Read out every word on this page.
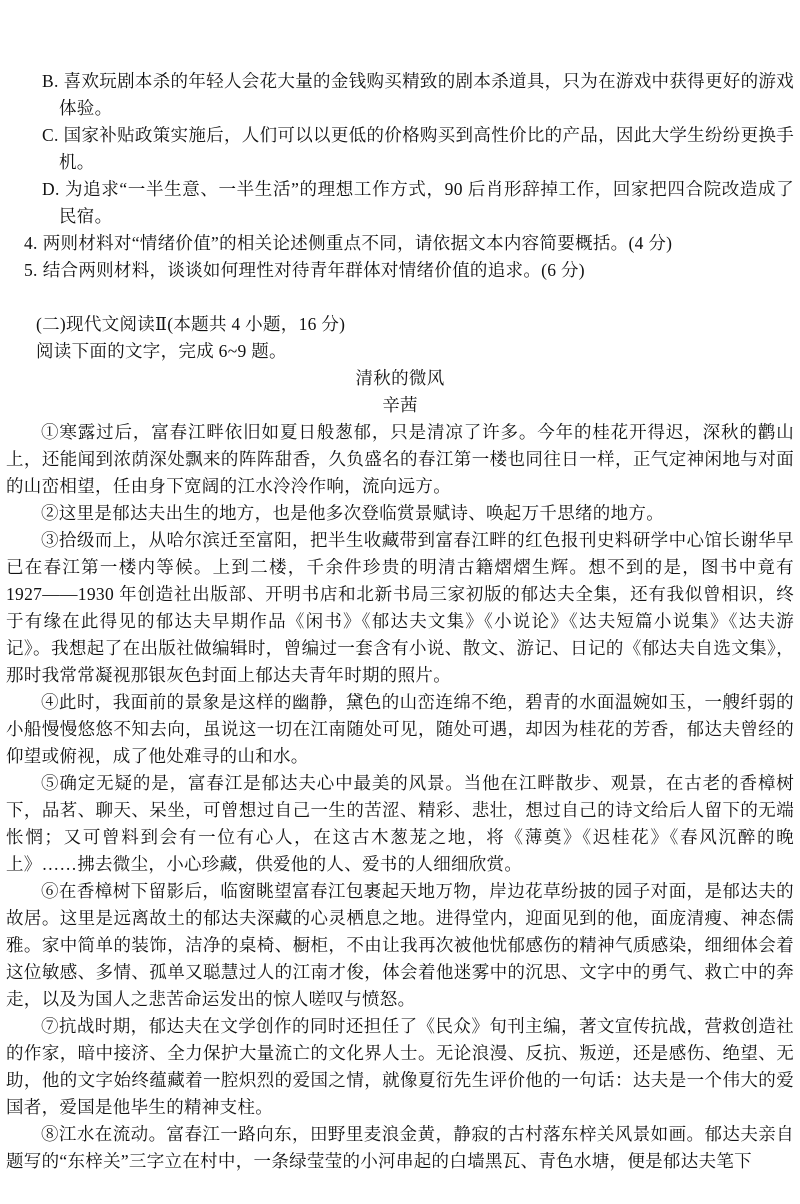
B. 喜欢玩剧本杀的年轻人会花大量的金钱购买精致的剧本杀道具，只为在游戏中获得更好的游戏体验。
C. 国家补贴政策实施后，人们可以以更低的价格购买到高性价比的产品，因此大学生纷纷更换手机。
D. 为追求“一半生意、一半生活”的理想工作方式，90 后肖形辞掉工作，回家把四合院改造成了民宿。
4. 两则材料对“情绪价值”的相关论述侧重点不同，请依据文本内容简要概括。(4 分)
5. 结合两则材料，谈谈如何理性对待青年群体对情绪价值的追求。(6 分)
(二)现代文阅读Ⅱ(本题共 4 小题，16 分)
阅读下面的文字，完成 6~9 题。
清秋的微风
辛茜

①寒露过后，富春江畔依旧如夏日般葱郁，只是清凉了许多。今年的桂花开得迟，深秋的鹳山上，还能闻到浓荫深处飘来的阵阵甜香，久负盛名的春江第一楼也同往日一样，正气定神闲地与对面的山峦相望，任由身下宽阔的江水泠泠作响，流向远方。

②这里是郁达夫出生的地方，也是他多次登临赏景赋诗、唤起万千思绪的地方。

③拾级而上，从哈尔滨迁至富阳，把半生收藏带到富春江畔的红色报刊史料研学中心馆长谢华早已在春江第一楼内等候。上到二楼，千余件珍贵的明清古籍熠熠生辉。想不到的是，图书中竟有 1927——1930 年创造社出版部、开明书店和北新书局三家初版的郁达夫全集，还有我似曾相识，终于有缘在此得见的郁达夫早期作品《闲书》《郁达夫文集》《小说论》《达夫短篇小说集》《达夫游记》。我想起了在出版社做编辑时，曾编过一套含有小说、散文、游记、日记的《郁达夫自选文集》，那时我常常凝视那银灰色封面上郁达夫青年时期的照片。

④此时，我面前的景象是这样的幽静，黛色的山峦连绵不绝，碧青的水面温婉如玉，一艘纤弱的小船慢慢悠悠不知去向，虽说这一切在江南随处可见，随处可遇，却因为桂花的芳香，郁达夫曾经的仰望或俯视，成了他处难寻的山和水。

⑤确定无疑的是，富春江是郁达夫心中最美的风景。当他在江畔散步、观景，在古老的香樟树下，品茗、聊天、呆坐，可曾想过自己一生的苦涩、精彩、悲壮，想过自己的诗文给后人留下的无端怅惘；又可曾料到会有一位有心人，在这古木葱茏之地，将《薄奠》《迟桂花》《春风沉醉的晚上》……拂去微尘，小心珍藏，供爱他的人、爱书的人细细欣赏。

⑥在香樟树下留影后，临窗眺望富春江包裹起天地万物，岸边花草纷披的园子对面，是郁达夫的故居。这里是远离故土的郁达夫深藏的心灵栖息之地。进得堂内，迎面见到的他，面庞清瘦、神态儒雅。家中简单的装饰，洁净的桌椅、橱柜，不由让我再次被他忧郁感伤的精神气质感染，细细体会着这位敏感、多情、孤单又聪慧过人的江南才俊，体会着他迷雾中的沉思、文字中的勇气、救亡中的奔走，以及为国人之悲苦命运发出的惊人嗟叹与愤怒。

⑦抗战时期，郁达夫在文学创作的同时还担任了《民众》旬刊主编，著文宣传抗战，营救创造社的作家，暗中接济、全力保护大量流亡的文化界人士。无论浪漫、反抗、叛逆，还是感伤、绝望、无助，他的文字始终蕴藏着一腔炽烈的爱国之情，就像夏衍先生评价他的一句话：达夫是一个伟大的爱国者，爱国是他毕生的精神支柱。

⑧江水在流动。富春江一路向东，田野里麦浪金黄，静寂的古村落东梓关风景如画。郁达夫亲自题写的“东梓关”三字立在村中，一条绿莹莹的小河串起的白墙黑瓦、青色水塘，便是郁达夫笔下
